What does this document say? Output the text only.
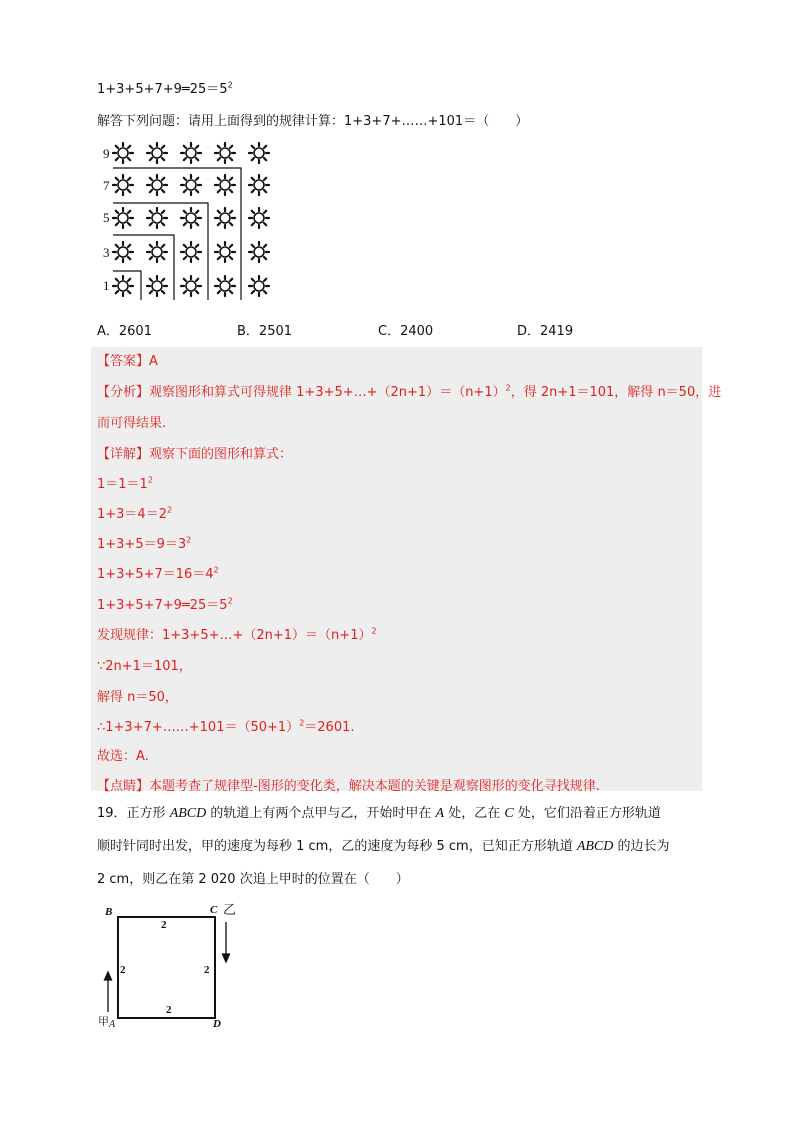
$1+3+5+7+9═25=5^2$
解答下列问题：请用上面得到的规律计算：1+3+7+……+101＝（　　）
9
7
5
3
1
A．2601	B．2501	C．2400	D．2419
【答案】A
【分析】观察图形和算式可得规律 $1+3+5+\dots+(2n+1)=(n+1)^2$，得 2n+1＝101，解得 n＝50，进
而可得结果.
【详解】观察下面的图形和算式：
$1=1=1^2$
$1+3=4=2^2$
$1+3+5=9=3^2$
$1+3+5+7=16=4^2$
$1+3+5+7+9═25=5^2$
发现规律：$1+3+5+\dots+(2n+1)=(n+1)^2$
∵2n+1＝101，
解得 n＝50，
$\therefore 1+3+7+\dots\dots+101=(50+1)^2=2601$.
故选：A.
【点睛】本题考查了规律型-图形的变化类，解决本题的关键是观察图形的变化寻找规律.
19．正方形 ABCD 的轨道上有两个点甲与乙，开始时甲在 A 处，乙在 C 处，它们沿着正方形轨道
顺时针同时出发，甲的速度为每秒 1 cm，乙的速度为每秒 5 cm，已知正方形轨道 ABCD 的边长为
2 cm，则乙在第 2 020 次追上甲时的位置在（　　）
B	C 乙
D
甲 A
2
2	2
2
